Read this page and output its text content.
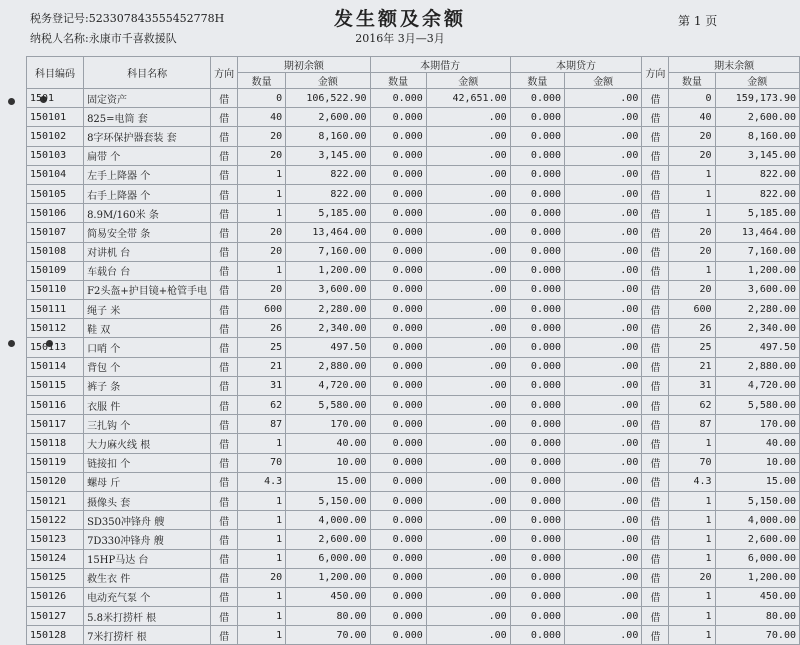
发生额及余额
税务登记号:523307843555452778H
纳税人名称:永康市千喜救援队	2016年 3月—3月
第 1 页
科目编码	科目名称	方向	期初余额		本期借方		本期贷方		方向	期末余额	
			数量	金额	数量	金额	数量	金额		数量	金额
1501	固定资产	借	0	106,522.90	0.000	42,651.00	0.000	.00	借	0	159,173.90
150101	825=电筒 套	借	40	2,600.00	0.000	.00	0.000	.00	借	40	2,600.00
150102	8字环保护器套装 套	借	20	8,160.00	0.000	.00	0.000	.00	借	20	8,160.00
150103	扁带 个	借	20	3,145.00	0.000	.00	0.000	.00	借	20	3,145.00
150104	左手上降器 个	借	1	822.00	0.000	.00	0.000	.00	借	1	822.00
150105	右手上降器 个	借	1	822.00	0.000	.00	0.000	.00	借	1	822.00
150106	8.9M/160米 条	借	1	5,185.00	0.000	.00	0.000	.00	借	1	5,185.00
150107	简易安全带 条	借	20	13,464.00	0.000	.00	0.000	.00	借	20	13,464.00
150108	对讲机 台	借	20	7,160.00	0.000	.00	0.000	.00	借	20	7,160.00
150109	车载台 台	借	1	1,200.00	0.000	.00	0.000	.00	借	1	1,200.00
150110	F2头盔+护目镜+枪管手电	借	20	3,600.00	0.000	.00	0.000	.00	借	20	3,600.00
150111	绳子 米	借	600	2,280.00	0.000	.00	0.000	.00	借	600	2,280.00
150112	鞋 双	借	26	2,340.00	0.000	.00	0.000	.00	借	26	2,340.00
150113	口哨 个	借	25	497.50	0.000	.00	0.000	.00	借	25	497.50
150114	背包 个	借	21	2,880.00	0.000	.00	0.000	.00	借	21	2,880.00
150115	裤子 条	借	31	4,720.00	0.000	.00	0.000	.00	借	31	4,720.00
150116	衣服 件	借	62	5,580.00	0.000	.00	0.000	.00	借	62	5,580.00
150117	三扎钩 个	借	87	170.00	0.000	.00	0.000	.00	借	87	170.00
150118	大力麻火线 根	借	1	40.00	0.000	.00	0.000	.00	借	1	40.00
150119	链接扣 个	借	70	10.00	0.000	.00	0.000	.00	借	70	10.00
150120	螺母 斤	借	4.3	15.00	0.000	.00	0.000	.00	借	4.3	15.00
150121	摄像头 套	借	1	5,150.00	0.000	.00	0.000	.00	借	1	5,150.00
150122	SD350冲锋舟 艘	借	1	4,000.00	0.000	.00	0.000	.00	借	1	4,000.00
150123	7D330冲锋舟 艘	借	1	2,600.00	0.000	.00	0.000	.00	借	1	2,600.00
150124	15HP马达 台	借	1	6,000.00	0.000	.00	0.000	.00	借	1	6,000.00
150125	救生衣 件	借	20	1,200.00	0.000	.00	0.000	.00	借	20	1,200.00
150126	电动充气泵 个	借	1	450.00	0.000	.00	0.000	.00	借	1	450.00
150127	5.8米打捞杆 根	借	1	80.00	0.000	.00	0.000	.00	借	1	80.00
150128	7米打捞杆 根	借	1	70.00	0.000	.00	0.000	.00	借	1	70.00
